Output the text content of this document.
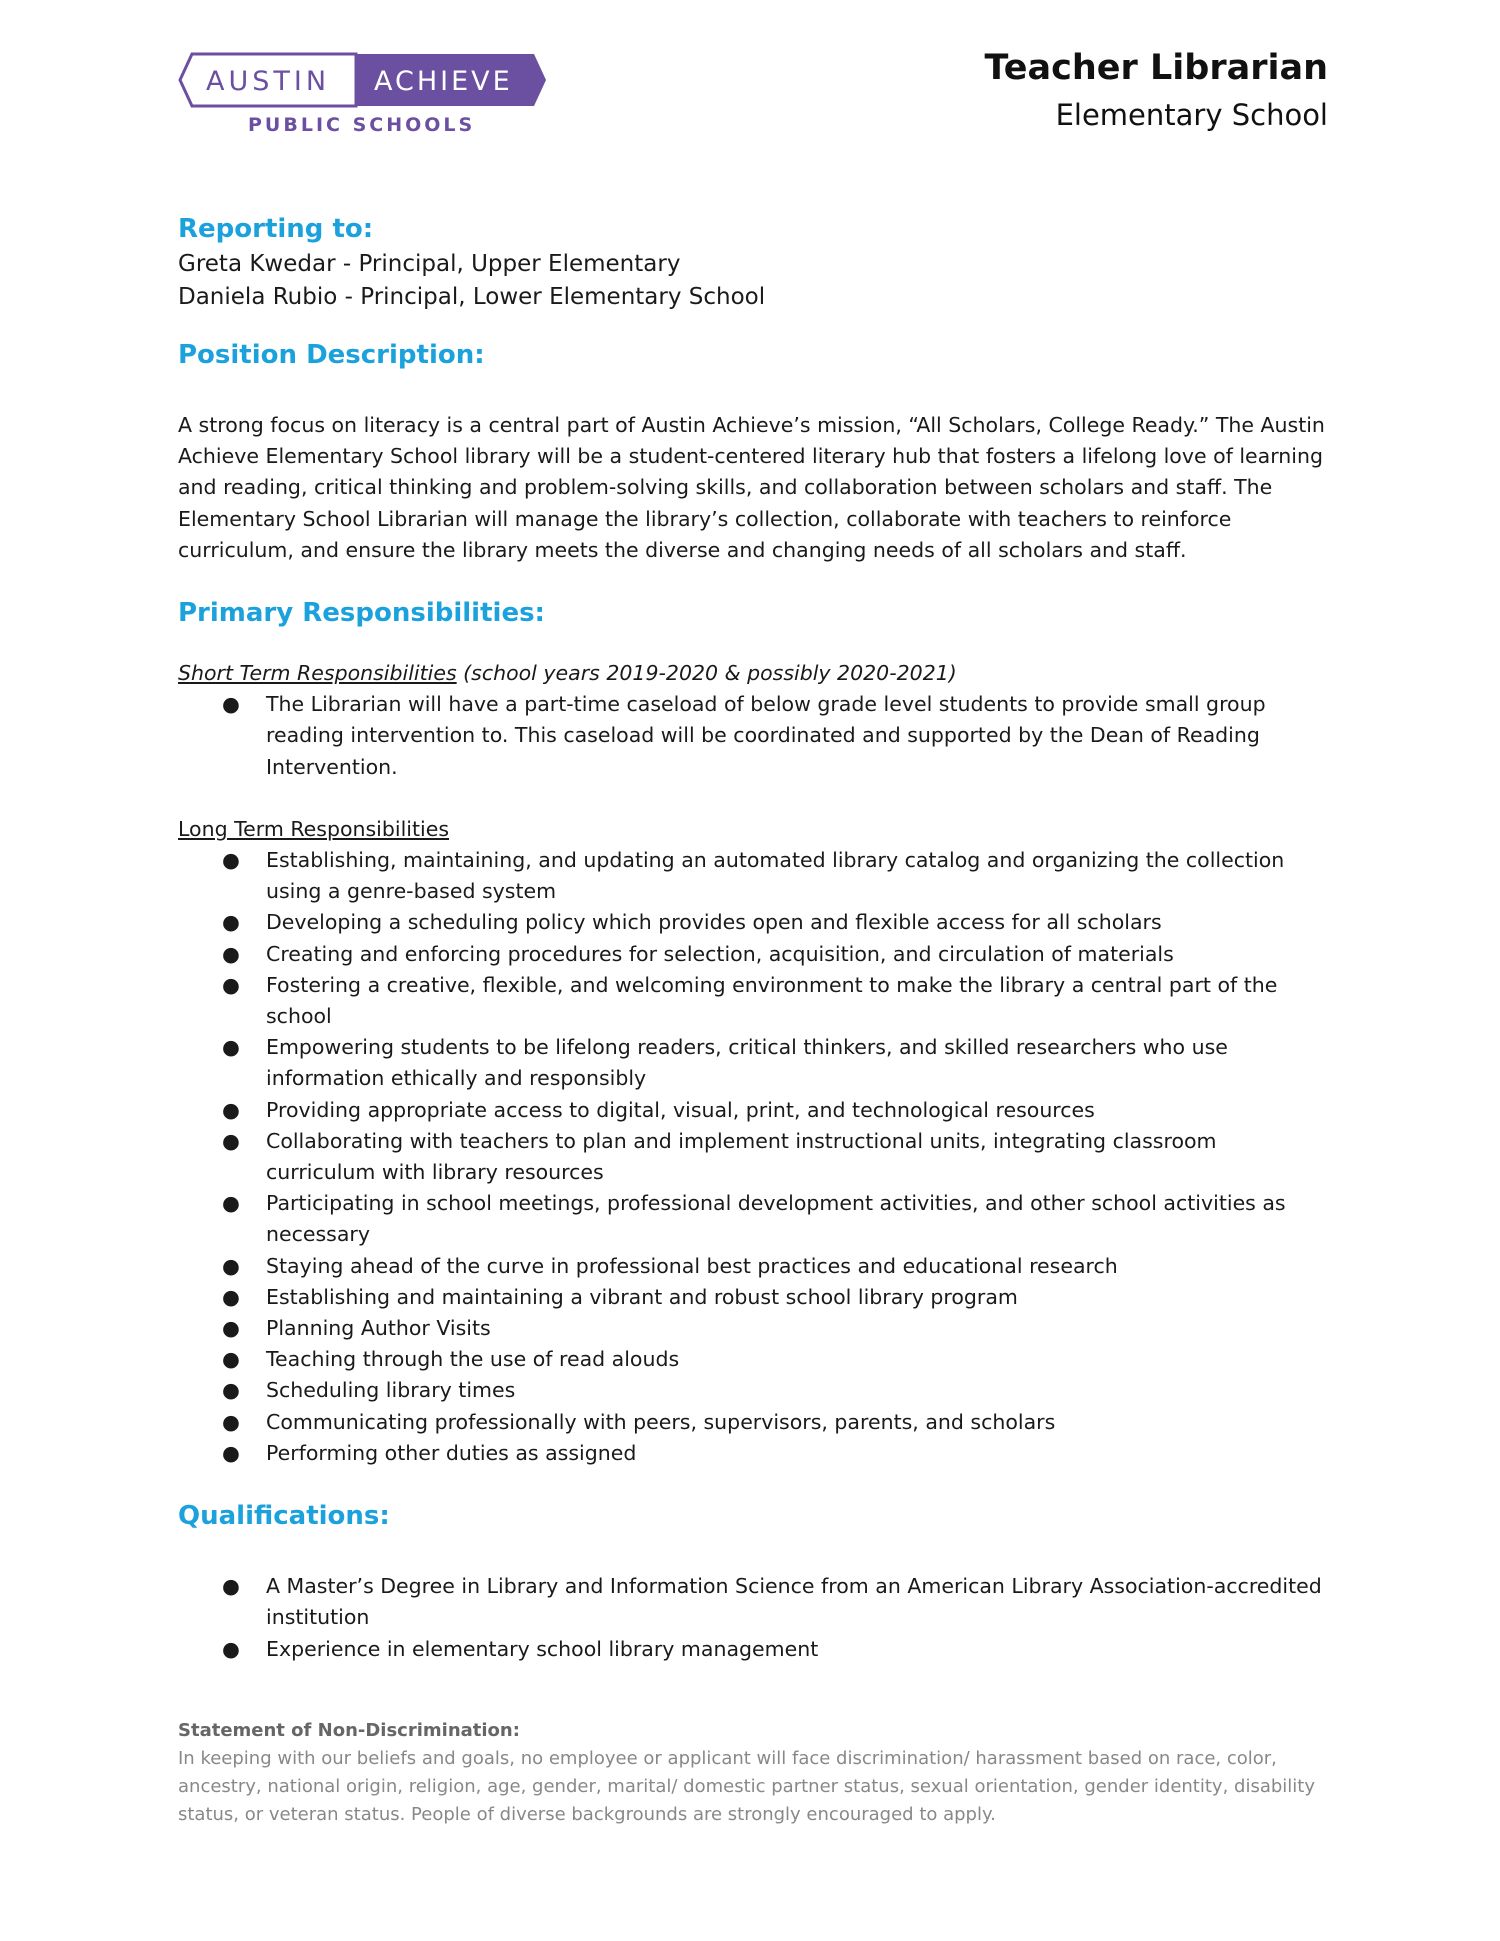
AUSTIN ACHIEVE
PUBLIC SCHOOLS
Teacher Librarian
Elementary School
Reporting to:
Greta Kwedar - Principal, Upper Elementary
Daniela Rubio - Principal, Lower Elementary School
Position Description:

A strong focus on literacy is a central part of Austin Achieve’s mission, “All Scholars, College Ready.” The Austin Achieve Elementary School library will be a student-centered literary hub that fosters a lifelong love of learning and reading, critical thinking and problem-solving skills, and collaboration between scholars and staff. The Elementary School Librarian will manage the library’s collection, collaborate with teachers to reinforce curriculum, and ensure the library meets the diverse and changing needs of all scholars and staff.

Primary Responsibilities:
Short Term Responsibilities (school years 2019-2020 & possibly 2020-2021)
● The Librarian will have a part-time caseload of below grade level students to provide small group reading intervention to. This caseload will be coordinated and supported by the Dean of Reading Intervention.
Long Term Responsibilities
● Establishing, maintaining, and updating an automated library catalog and organizing the collection using a genre-based system
● Developing a scheduling policy which provides open and flexible access for all scholars
● Creating and enforcing procedures for selection, acquisition, and circulation of materials
● Fostering a creative, flexible, and welcoming environment to make the library a central part of the school
● Empowering students to be lifelong readers, critical thinkers, and skilled researchers who use information ethically and responsibly
● Providing appropriate access to digital, visual, print, and technological resources
● Collaborating with teachers to plan and implement instructional units, integrating classroom curriculum with library resources
● Participating in school meetings, professional development activities, and other school activities as necessary
● Staying ahead of the curve in professional best practices and educational research
● Establishing and maintaining a vibrant and robust school library program
● Planning Author Visits
● Teaching through the use of read alouds
● Scheduling library times
● Communicating professionally with peers, supervisors, parents, and scholars
● Performing other duties as assigned
Qualifications:
● A Master’s Degree in Library and Information Science from an American Library Association-accredited institution
● Experience in elementary school library management
Statement of Non-Discrimination:
In keeping with our beliefs and goals, no employee or applicant will face discrimination/ harassment based on race, color, ancestry, national origin, religion, age, gender, marital/ domestic partner status, sexual orientation, gender identity, disability status, or veteran status. People of diverse backgrounds are strongly encouraged to apply.
